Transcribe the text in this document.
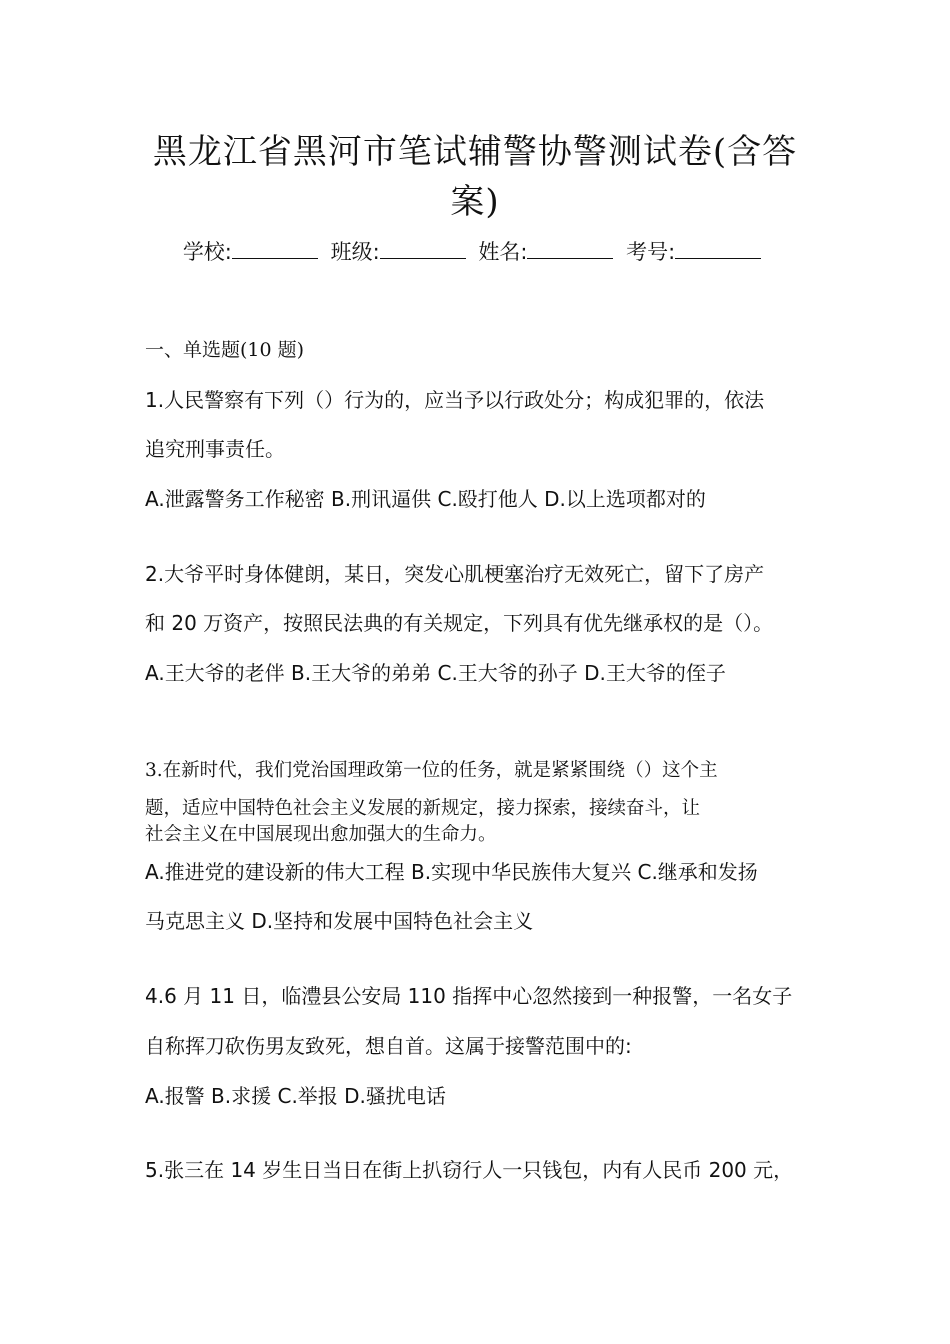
黑龙江省黑河市笔试辅警协警测试卷(含答
案)
学校:	班级:	姓名:	考号:
一、单选题(10 题)
1.人民警察有下列（）行为的，应当予以行政处分；构成犯罪的，依法
追究刑事责任。
A.泄露警务工作秘密 B.刑讯逼供 C.殴打他人 D.以上选项都对的
2.大爷平时身体健朗，某日，突发心肌梗塞治疗无效死亡，留下了房产
和 20 万资产，按照民法典的有关规定，下列具有优先继承权的是（）。
A.王大爷的老伴 B.王大爷的弟弟 C.王大爷的孙子 D.王大爷的侄子
3.在新时代，我们党治国理政第一位的任务，就是紧紧围绕（）这个主
题，适应中国特色社会主义发展的新规定，接力探索，接续奋斗，让
社会主义在中国展现出愈加强大的生命力。
A.推进党的建设新的伟大工程 B.实现中华民族伟大复兴 C.继承和发扬
马克思主义 D.坚持和发展中国特色社会主义
4.6 月 11 日，临澧县公安局 110 指挥中心忽然接到一种报警，一名女子
自称挥刀砍伤男友致死，想自首。这属于接警范围中的:
A.报警 B.求援 C.举报 D.骚扰电话
5.张三在 14 岁生日当日在街上扒窃行人一只钱包，内有人民币 200 元，
